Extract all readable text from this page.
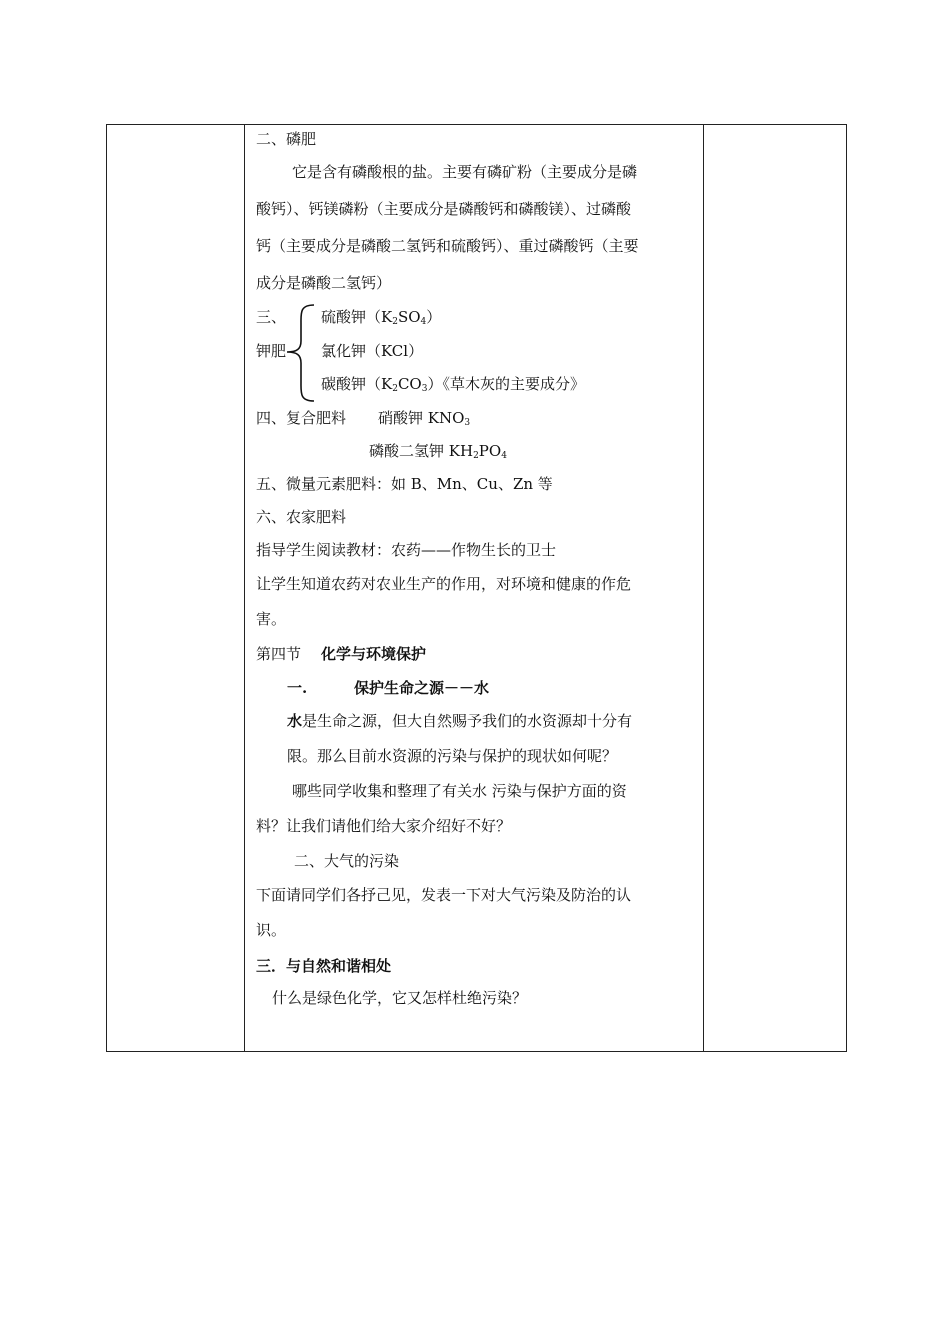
二、磷肥
它是含有磷酸根的盐。主要有磷矿粉（主要成分是磷
酸钙）、钙镁磷粉（主要成分是磷酸钙和磷酸镁）、过磷酸
钙（主要成分是磷酸二氢钙和硫酸钙）、重过磷酸钙（主要
成分是磷酸二氢钙）
三、
钾肥
硫酸钾$(K_2SO_4)$
氯化钾（KCl）
碳酸钾$(K_2CO_3)$《草木灰的主要成分》
四、复合肥料 硝酸钾 $KNO_3$
磷酸二氢钾 $KH_2PO_4$
五、微量元素肥料：如 B、Mn、Cu、Zn 等
六、农家肥料
指导学生阅读教材：农药——作物生长的卫士
让学生知道农药对农业生产的作用，对环境和健康的作危
害。
第四节 化学与环境保护
一.	保护生命之源－－水
水是生命之源，但大自然赐予我们的水资源却十分有
限。那么目前水资源的污染与保护的现状如何呢？
哪些同学收集和整理了有关水 污染与保护方面的资
料？让我们请他们给大家介绍好不好？
二、大气的污染
下面请同学们各抒己见，发表一下对大气污染及防治的认
识。
三．与自然和谐相处
什么是绿色化学，它又怎样杜绝污染？
